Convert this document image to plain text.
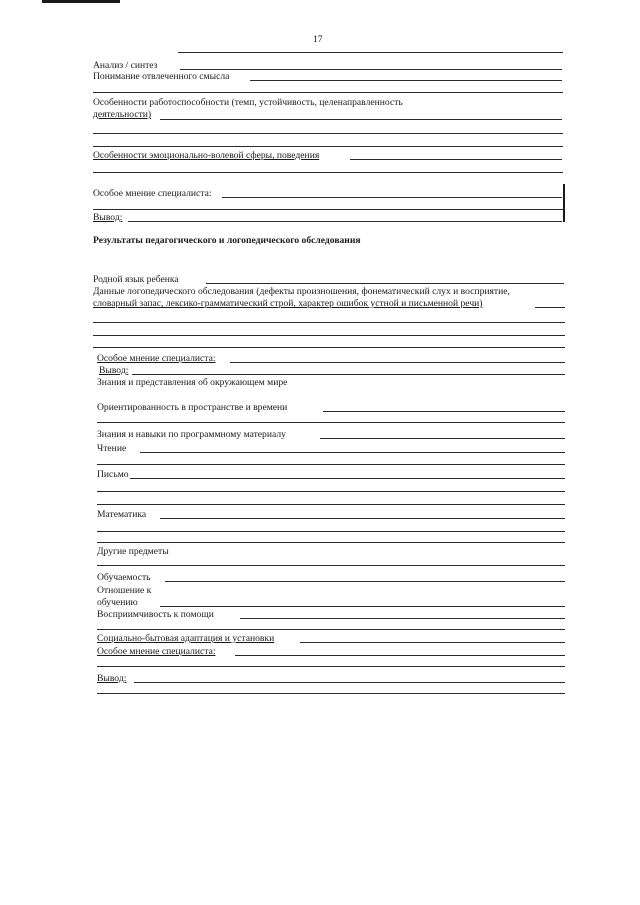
17
Анализ / синтез
Понимание отвлеченного смысла
Особенности работоспособности (темп, устойчивость, целенаправленность
деятельности)
Особенности эмоционально-волевой сферы, поведения
Особое мнение специалиста:
Вывод:
Результаты педагогического и логопедического обследования
Родной язык ребенка
Данные логопедического обследования (дефекты произношения, фонематический слух и восприятие,
словарный запас, лексико-грамматический строй, характер ошибок устной и письменной речи)
Особое мнение специалиста:
Вывод:
Знания и представления об окружающем мире
Ориентированность в пространстве и времени
Знания и навыки по программному материалу
Чтение
Письмо
Математика
Другие предметы
Обучаемость
Отношение к
обучению
Восприимчивость к помощи
Социально-бытовая адаптация и установки
Особое мнение специалиста:
Вывод:
